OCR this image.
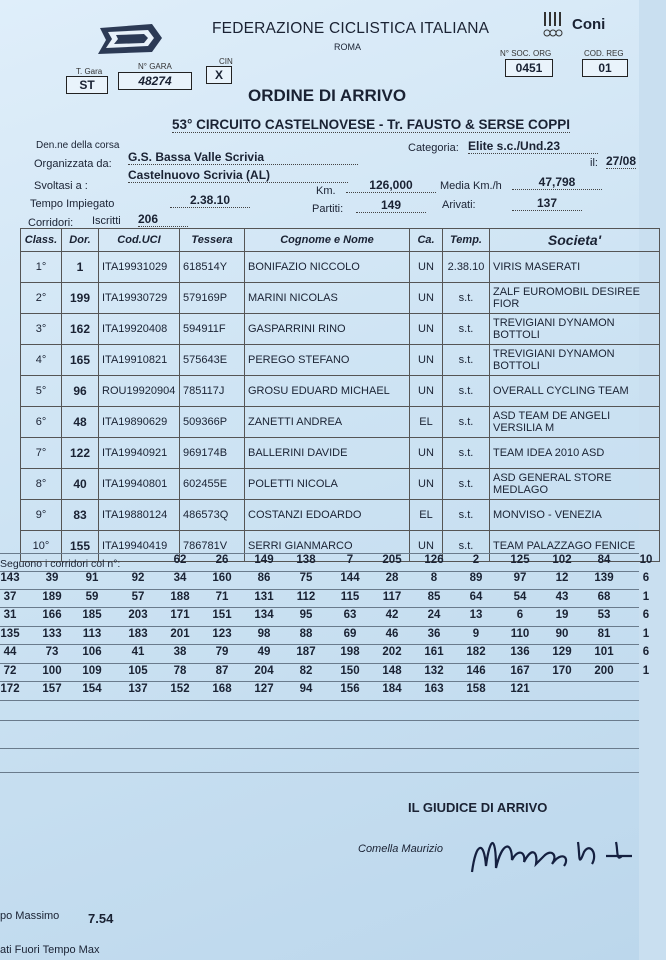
Coni
FEDERAZIONE CICLISTICA ITALIANA
ROMA
N° SOC. ORG
0451
COD. REG
01
T. Gara
ST
N° GARA
48274
CIN
X
ORDINE DI ARRIVO
Den.ne della corsa
53° CIRCUITO CASTELNOVESE - Tr. FAUSTO & SERSE COPPI
Organizzata da: G.S. Bassa Valle Scrivia
Categoria: Elite s.c./Und.23
il: 27/08
Svoltasi a :
Castelnuovo Scrivia (AL)
Tempo Impiegato	2.38.10
Km.	126,000	Media Km./h	47,798
Corridori: Iscritti 206
Partiti:	149	Arivati:	137
Class.	Dor.	Cod.UCI	Tessera	Cognome e Nome	Ca.	Temp.	Societa'
1°	1	ITA19931029	618514Y	BONIFAZIO NICCOLO	UN	2.38.10	VIRIS MASERATI
2°	199	ITA19930729	579169P	MARINI NICOLAS	UN	s.t.	ZALF EUROMOBIL DESIREE FIOR
3°	162	ITA19920408	594911F	GASPARRINI RINO	UN	s.t.	TREVIGIANI DYNAMON BOTTOLI
4°	165	ITA19910821	575643E	PEREGO STEFANO	UN	s.t.	TREVIGIANI DYNAMON BOTTOLI
5°	96	ROU19920904	785117J	GROSU EDUARD MICHAEL	UN	s.t.	OVERALL CYCLING TEAM
6°	48	ITA19890629	509366P	ZANETTI ANDREA	EL	s.t.	ASD TEAM DE ANGELI VERSILIA M
7°	122	ITA19940921	969174B	BALLERINI DAVIDE	UN	s.t.	TEAM IDEA 2010 ASD
8°	40	ITA19940801	602455E	POLETTI NICOLA	UN	s.t.	ASD GENERAL STORE MEDLAGO
9°	83	ITA19880124	486573Q	COSTANZI EDOARDO	EL	s.t.	MONVISO - VENEZIA
10°	155	ITA19940419	786781V	SERRI GIANMARCO	UN	s.t.	TEAM PALAZZAGO FENICE
Seguono i corridori col n°:	62	26	149	138	7	205	126	2	125	102	84	10
143	39	91	92	34	160	86	75	144	28	8	89	97	12	139	6
37	189	59	57	188	71	131	112	115	117	85	64	54	43	68	1
31	166	185	203	171	151	134	95	63	42	24	13	6	19	53	6
135	133	113	183	201	123	98	88	69	46	36	9	110	90	81	1
44	73	106	41	38	79	49	187	198	202	161	182	136	129	101	6
72	100	109	105	78	87	204	82	150	148	132	146	167	170	200	1
172	157	154	137	152	168	127	94	156	184	163	158	121
IL GIUDICE DI ARRIVO
Comella Maurizio
po Massimo 7.54
ati Fuori Tempo Max
